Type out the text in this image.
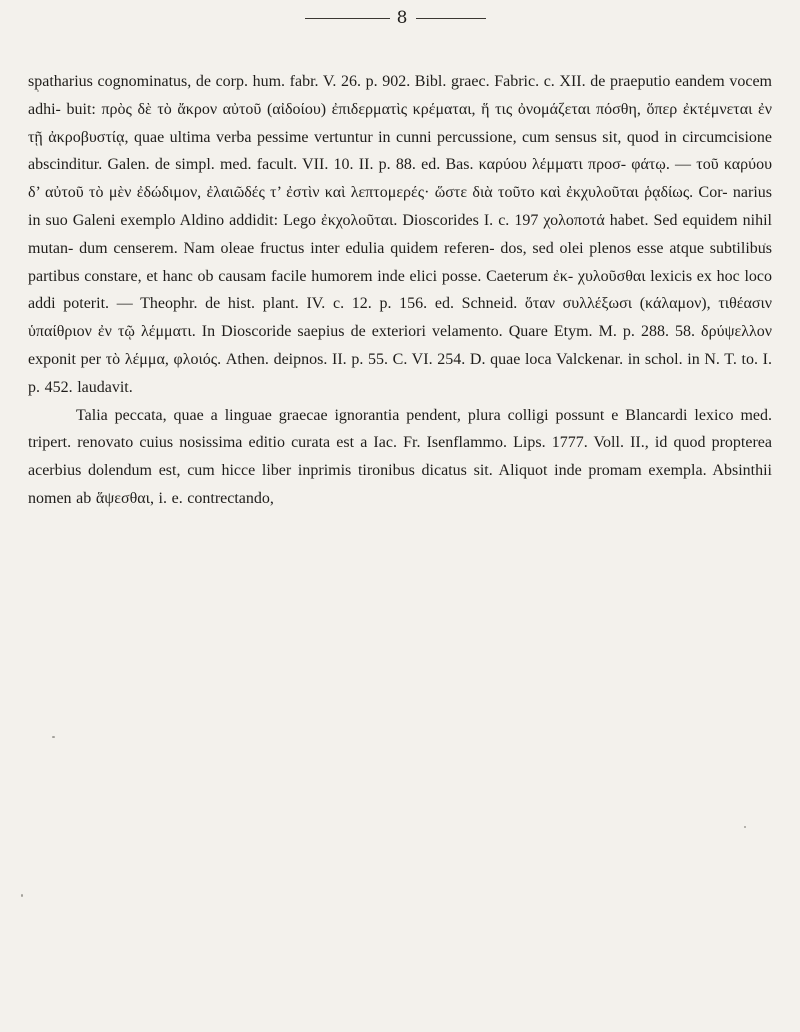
8

spatharius cognominatus, de corp. hum. fabr. V. 26. p. 902. Bibl. graec. Fabric. c. XII. de praeputio eandem vocem adhi- buit: πρὸς δὲ τὸ ἄκρον αὐτοῦ (αἰδοίου) ἐπιδερματὶς κρέμαται, ἥ τις ὀνομάζεται πόσθη, ὅπερ ἐκτέμνεται ἐν τῇ ἀκροβυστίᾳ, quae ultima verba pessime vertuntur in cunni percussione, cum sensus sit, quod in circumcisione abscinditur. Galen. de simpl. med. facult. VII. 10. II. p. 88. ed. Bas. καρύου λέμματι προσ- φάτῳ. — τοῦ καρύου δ’ αὐτοῦ τὸ μὲν ἐδώδιμον, ἐλαιῶδές τ’ ἐστὶν καὶ λεπτομερές· ὥστε διὰ τοῦτο καὶ ἐκχυλοῦται ῥᾳδίως. Cor- narius in suo Galeni exemplo Aldino addidit: Lego ἐκχολοῦται. Dioscorides I. c. 197 χολοποτά habet. Sed equidem nihil mutan- dum censerem. Nam oleae fructus inter edulia quidem referen- dos, sed olei plenos esse atque subtilibus partibus constare, et hanc ob causam facile humorem inde elici posse. Caeterum ἐκ- χυλοῦσθαι lexicis ex hoc loco addi poterit. — Theophr. de hist. plant. IV. c. 12. p. 156. ed. Schneid. ὅταν συλλέξωσι (κάλαμον), τιθέασιν ὑπαίθριον ἐν τῷ λέμματι. In Dioscoride saepius de exteriori velamento. Quare Etym. M. p. 288. 58. δρύψελλον exponit per τὸ λέμμα, φλοιός. Athen. deipnos. II. p. 55. C. VI. 254. D. quae loca Valckenar. in schol. in N. T. to. I. p. 452. laudavit.

Talia peccata, quae a linguae graecae ignorantia pendent, plura colligi possunt e Blancardi lexico med. tripert. renovato cuius nosissima editio curata est a Iac. Fr. Isenflammo. Lips. 1777. Voll. II., id quod propterea acerbius dolendum est, cum hicce liber inprimis tironibus dicatus sit. Aliquot inde promam exempla. Absinthii nomen ab ἅψεσθαι, i. e. contrectando,
